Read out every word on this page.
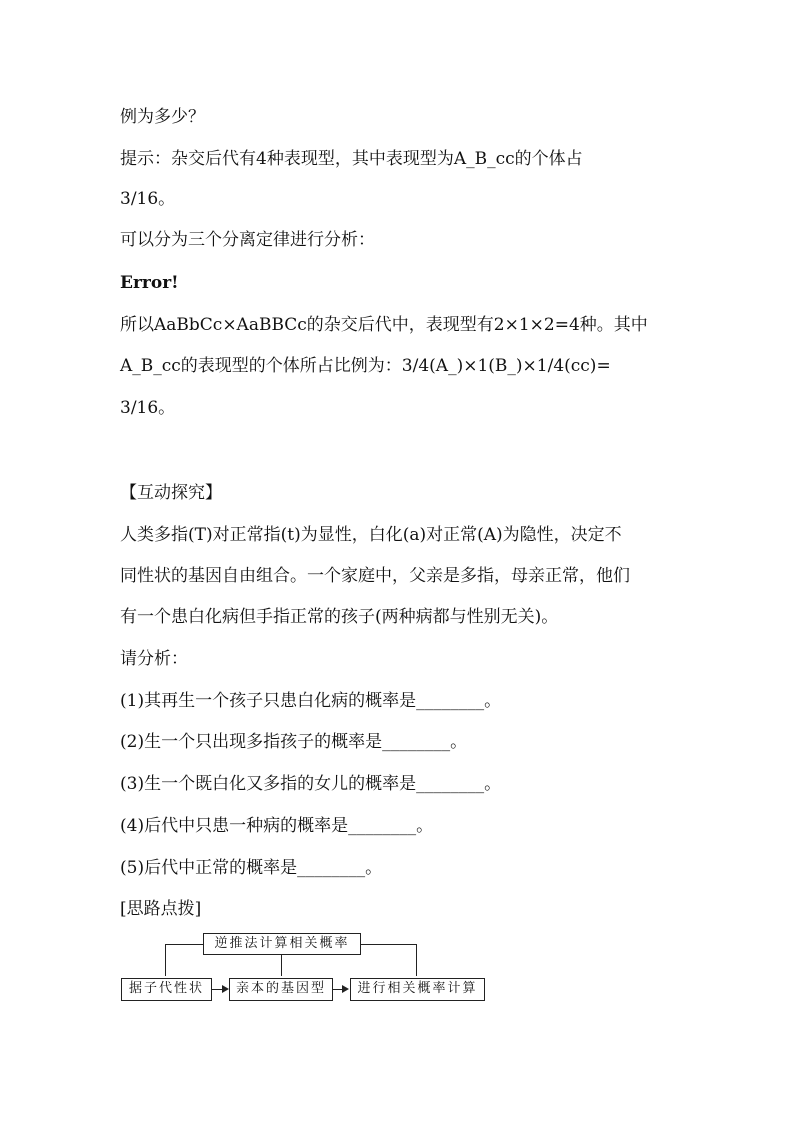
例为多少？
提示：杂交后代有4种表现型，其中表现型为A_B_cc的个体占
3/16。
可以分为三个分离定律进行分析：
Error!
所以AaBbCc×AaBBCc的杂交后代中，表现型有2×1×2=4种。其中
A_B_cc的表现型的个体所占比例为：3/4(A_)×1(B_)×1/4(cc)=
3/16。
【互动探究】
人类多指(T)对正常指(t)为显性，白化(a)对正常(A)为隐性，决定不
同性状的基因自由组合。一个家庭中，父亲是多指，母亲正常，他们
有一个患白化病但手指正常的孩子(两种病都与性别无关)。
请分析：
(1)其再生一个孩子只患白化病的概率是________。
(2)生一个只出现多指孩子的概率是________。
(3)生一个既白化又多指的女儿的概率是________。
(4)后代中只患一种病的概率是________。
(5)后代中正常的概率是________。
[思路点拨]
逆推法计算相关概率
据子代性状	亲本的基因型	进行相关概率计算
